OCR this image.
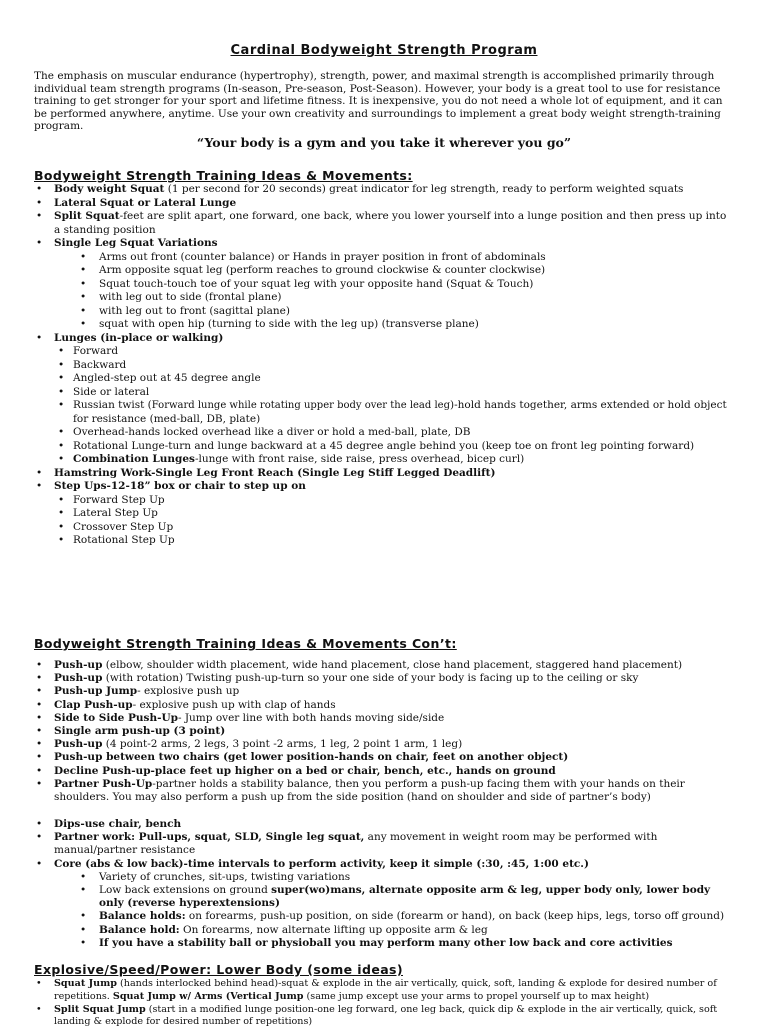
Cardinal Bodyweight Strength Program
The emphasis on muscular endurance (hypertrophy), strength, power, and maximal strength is accomplished primarily through individual team strength programs (In-season, Pre-season, Post-Season). However, your body is a great tool to use for resistance training to get stronger for your sport and lifetime fitness. It is inexpensive, you do not need a whole lot of equipment, and it can be performed anywhere, anytime. Use your own creativity and surroundings to implement a great body weight strength-training program.
“Your body is a gym and you take it wherever you go”
Bodyweight Strength Training Ideas & Movements:
• Body weight Squat (1 per second for 20 seconds) great indicator for leg strength, ready to perform weighted squats
• Lateral Squat or Lateral Lunge
• Split Squat-feet are split apart, one forward, one back, where you lower yourself into a lunge position and then press up into a standing position
• Single Leg Squat Variations
• Arms out front (counter balance) or Hands in prayer position in front of abdominals
• Arm opposite squat leg (perform reaches to ground clockwise & counter clockwise)
• Squat touch-touch toe of your squat leg with your opposite hand (Squat & Touch)
• with leg out to side (frontal plane)
• with leg out to front (sagittal plane)
• squat with open hip (turning to side with the leg up) (transverse plane)
• Lunges (in-place or walking)
• Forward
• Backward
• Angled-step out at 45 degree angle
• Side or lateral
• Russian twist (Forward lunge while rotating upper body over the lead leg)-hold hands together, arms extended or hold object for resistance (med-ball, DB, plate)
• Overhead-hands locked overhead like a diver or hold a med-ball, plate, DB
• Rotational Lunge-turn and lunge backward at a 45 degree angle behind you (keep toe on front leg pointing forward)
• Combination Lunges-lunge with front raise, side raise, press overhead, bicep curl)
• Hamstring Work-Single Leg Front Reach (Single Leg Stiff Legged Deadlift)
• Step Ups-12-18” box or chair to step up on
• Forward Step Up
• Lateral Step Up
• Crossover Step Up
• Rotational Step Up
Bodyweight Strength Training Ideas & Movements Con’t:
• Push-up (elbow, shoulder width placement, wide hand placement, close hand placement, staggered hand placement)
• Push-up (with rotation) Twisting push-up-turn so your one side of your body is facing up to the ceiling or sky
• Push-up Jump- explosive push up
• Clap Push-up- explosive push up with clap of hands
• Side to Side Push-Up- Jump over line with both hands moving side/side
• Single arm push-up (3 point)
• Push-up (4 point-2 arms, 2 legs, 3 point -2 arms, 1 leg, 2 point 1 arm, 1 leg)
• Push-up between two chairs (get lower position-hands on chair, feet on another object)
• Decline Push-up-place feet up higher on a bed or chair, bench, etc., hands on ground
• Partner Push-Up-partner holds a stability balance, then you perform a push-up facing them with your hands on their shoulders. You may also perform a push up from the side position (hand on shoulder and side of partner’s body)
• Dips-use chair, bench
• Partner work: Pull-ups, squat, SLD, Single leg squat, any movement in weight room may be performed with manual/partner resistance
• Core (abs & low back)-time intervals to perform activity, keep it simple (:30, :45, 1:00 etc.)
• Variety of crunches, sit-ups, twisting variations
• Low back extensions on ground super(wo)mans, alternate opposite arm & leg, upper body only, lower body only (reverse hyperextensions)
• Balance holds: on forearms, push-up position, on side (forearm or hand), on back (keep hips, legs, torso off ground)
• Balance hold: On forearms, now alternate lifting up opposite arm & leg
• If you have a stability ball or physioball you may perform many other low back and core activities
Explosive/Speed/Power: Lower Body (some ideas)
• Squat Jump (hands interlocked behind head)-squat & explode in the air vertically, quick, soft, landing & explode for desired number of repetitions. Squat Jump w/ Arms (Vertical Jump (same jump except use your arms to propel yourself up to max height)
• Split Squat Jump (start in a modified lunge position-one leg forward, one leg back, quick dip & explode in the air vertically, quick, soft landing & explode for desired number of repetitions)
